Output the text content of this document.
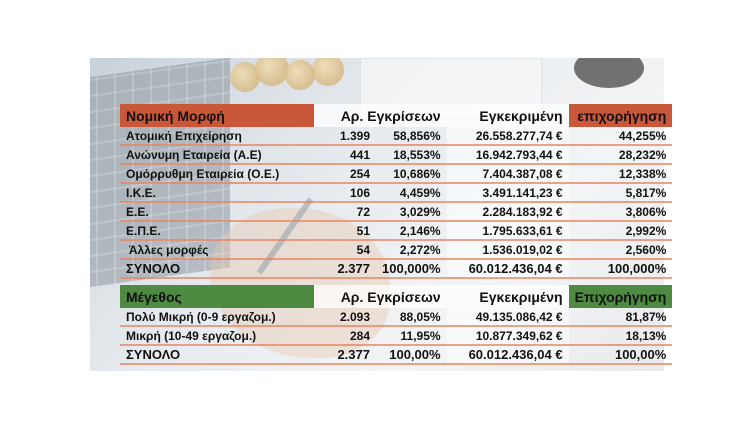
Νομική Μορφή	Αρ. Εγκρίσεων		Εγκεκριμένη	επιχορήγηση
Ατομική Επιχείρηση	1.399	58,856%	26.558.277,74 €	44,255%
Ανώνυμη Εταιρεία (Α.Ε)	441	18,553%	16.942.793,44 €	28,232%
Ομόρρυθμη Εταιρεία (Ο.Ε.)	254	10,686%	7.404.387,08 €	12,338%
Ι.Κ.Ε.	106	4,459%	3.491.141,23 €	5,817%
Ε.Ε.	72	3,029%	2.284.183,92 €	3,806%
Ε.Π.Ε.	51	2,146%	1.795.633,61 €	2,992%
Άλλες μορφές	54	2,272%	1.536.019,02 €	2,560%
ΣΥΝΟΛΟ	2.377	100,000%	60.012.436,04 €	100,000%

Μέγεθος	Αρ. Εγκρίσεων		Εγκεκριμένη	Επιχορήγηση
Πολύ Μικρή (0-9 εργαζομ.)	2.093	88,05%	49.135.086,42 €	81,87%
Μικρή (10-49 εργαζομ.)	284	11,95%	10.877.349,62 €	18,13%
ΣΥΝΟΛΟ	2.377	100,00%	60.012.436,04 €	100,00%
